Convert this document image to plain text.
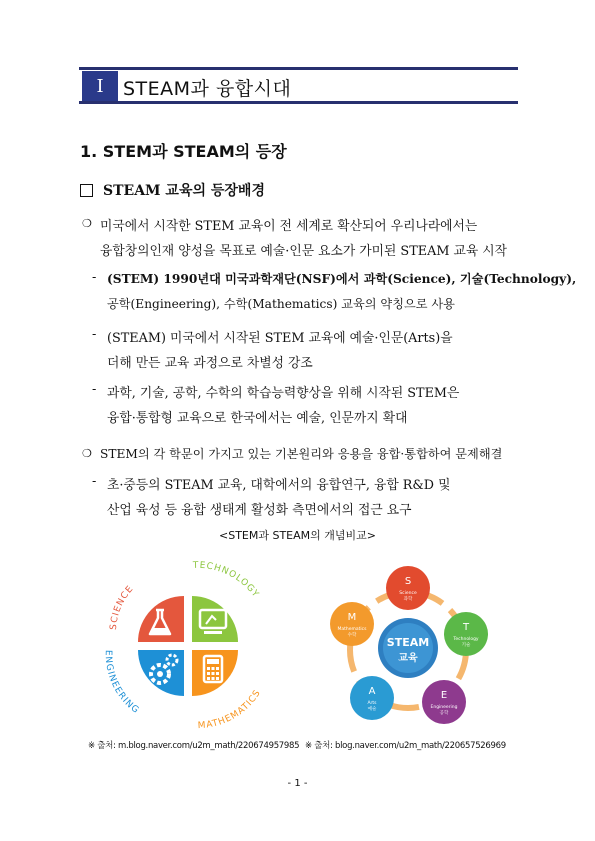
Ⅰ	STEAM과 융합시대
1. STEM과 STEAM의 등장
STEAM 교육의 등장배경
❍ 미국에서 시작한 STEM 교육이 전 세계로 확산되어 우리나라에서는
융합창의인재 양성을 목표로 예술·인문 요소가 가미된 STEAM 교육 시작
- (STEM) 1990년대 미국과학재단(NSF)에서 과학(Science), 기술(Technology),
공학(Engineering), 수학(Mathematics) 교육의 약칭으로 사용
- (STEAM) 미국에서 시작된 STEM 교육에 예술·인문(Arts)을
더해 만든 교육 과정으로 차별성 강조
- 과학, 기술, 공학, 수학의 학습능력향상을 위해 시작된 STEM은
융합·통합형 교육으로 한국에서는 예술, 인문까지 확대
❍ STEM의 각 학문이 가지고 있는 기본원리와 응용을 융합·통합하여 문제해결
- 초·중등의 STEAM 교육, 대학에서의 융합연구, 융합 R&D 및
산업 육성 등 융합 생태계 활성화 측면에서의 접근 요구
<STEM과 STEAM의 개념비교>
SCIENCE
TECHNOLOGY
ENGINEERING
MATHEMATICS
STEAM
교육
S
Science
과학
T
Technology
기술
E
Engineering
공학
A
Arts
예술
M
Mathematics
수학
※ 출처: m.blog.naver.com/u2m_math/220674957985 ※ 출처: blog.naver.com/u2m_math/220657526969
- 1 -
